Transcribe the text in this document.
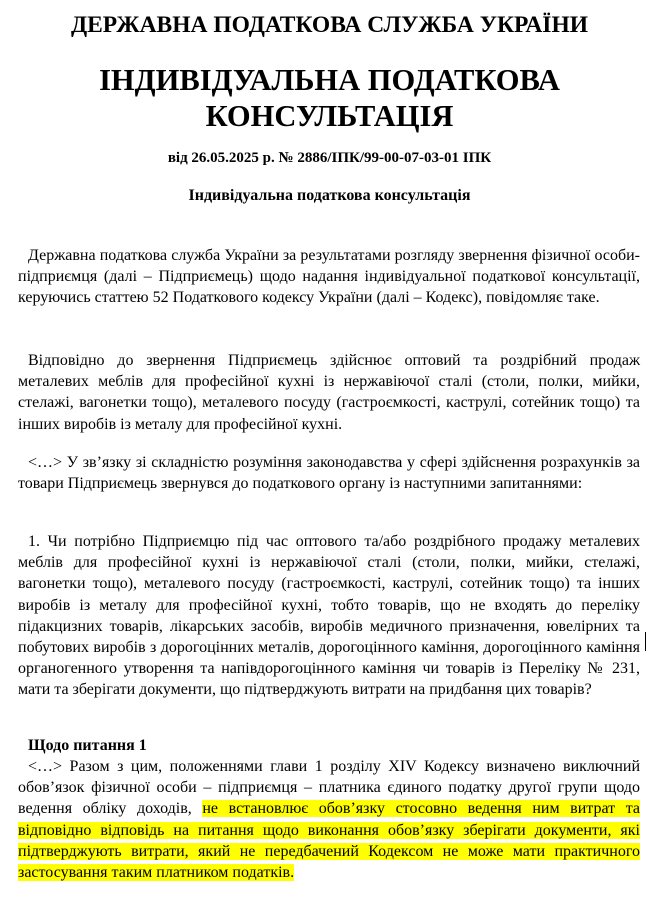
ДЕРЖАВНА ПОДАТКОВА СЛУЖБА УКРАЇНИ
ІНДИВІДУАЛЬНА ПОДАТКОВА КОНСУЛЬТАЦІЯ
від 26.05.2025 р. № 2886/ІПК/99-00-07-03-01 ІПК
Індивідуальна податкова консультація

Державна податкова служба України за результатами розгляду звернення фізичної особи-підприємця (далі – Підприємець) щодо надання індивідуальної податкової консультації, керуючись статтею 52 Податкового кодексу України (далі – Кодекс), повідомляє таке.

Відповідно до звернення Підприємець здійснює оптовий та роздрібний продаж металевих меблів для професійної кухні із нержавіючої сталі (столи, полки, мийки, стелажі, вагонетки тощо), металевого посуду (гастроємкості, каструлі, сотейник тощо) та інших виробів із металу для професійної кухні.

<…> У зв’язку зі складністю розуміння законодавства у сфері здійснення розрахунків за товари Підприємець звернувся до податкового органу із наступними запитаннями:

1. Чи потрібно Підприємцю під час оптового та/або роздрібного продажу металевих меблів для професійної кухні із нержавіючої сталі (столи, полки, мийки, стелажі, вагонетки тощо), металевого посуду (гастроємкості, каструлі, сотейник тощо) та інших виробів із металу для професійної кухні, тобто товарів, що не входять до переліку підакцизних товарів, лікарських засобів, виробів медичного призначення, ювелірних та побутових виробів з дорогоцінних металів, дорогоцінного каміння, дорогоцінного каміння органогенного утворення та напівдорогоцінного каміння чи товарів із Переліку № 231, мати та зберігати документи, що підтверджують витрати на придбання цих товарів?

Щодо питання 1

<…> Разом з цим, положеннями глави 1 розділу XIV Кодексу визначено виключний обов’язок фізичної особи – підприємця – платника єдиного податку другої групи щодо ведення обліку доходів, не встановлює обов’язку стосовно ведення ним витрат та відповідно відповідь на питання щодо виконання обов’язку зберігати документи, які підтверджують витрати, який не передбачений Кодексом не може мати практичного застосування таким платником податків.
